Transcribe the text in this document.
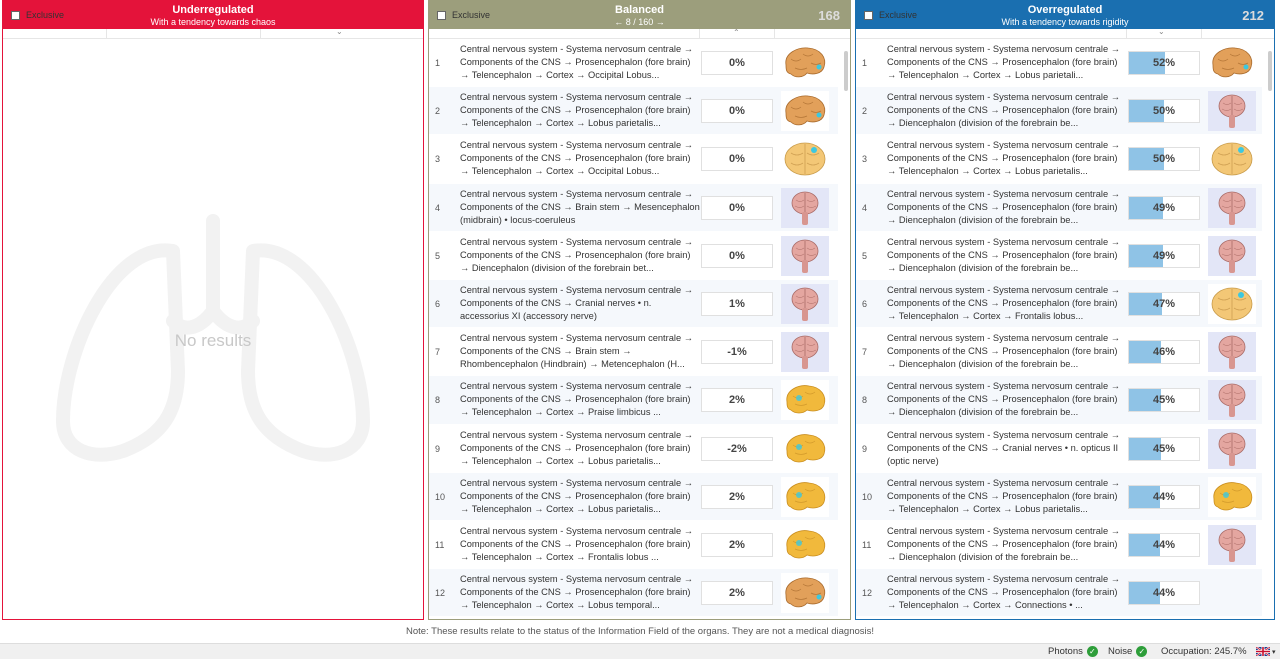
Exclusive	Underregulated
With a tendency towards chaos
⌄
No results
Exclusive	Balanced
← 8 / 160 →	168
⌃
1
Central nervous system - Systema nervosum centrale → Components of the CNS → Prosencephalon (fore brain) → Telencephalon → Cortex → Occipital Lobus...
0%
2
Central nervous system - Systema nervosum centrale → Components of the CNS → Prosencephalon (fore brain) → Telencephalon → Cortex → Lobus parietalis...
0%
3
Central nervous system - Systema nervosum centrale → Components of the CNS → Prosencephalon (fore brain) → Telencephalon → Cortex → Occipital Lobus...
0%
4
Central nervous system - Systema nervosum centrale → Components of the CNS → Brain stem → Mesencephalon (midbrain) • locus-coeruleus
0%
5
Central nervous system - Systema nervosum centrale → Components of the CNS → Prosencephalon (fore brain) → Diencephalon (division of the forebrain bet...
0%
6
Central nervous system - Systema nervosum centrale → Components of the CNS → Cranial nerves • n. accessorius XI (accessory nerve)
1%
7
Central nervous system - Systema nervosum centrale → Components of the CNS → Brain stem → Rhombencephalon (Hindbrain) → Metencephalon (H...
-1%
8
Central nervous system - Systema nervosum centrale → Components of the CNS → Prosencephalon (fore brain) → Telencephalon → Cortex → Praise limbicus ...
2%
9
Central nervous system - Systema nervosum centrale → Components of the CNS → Prosencephalon (fore brain) → Telencephalon → Cortex → Lobus parietalis...
-2%
10
Central nervous system - Systema nervosum centrale → Components of the CNS → Prosencephalon (fore brain) → Telencephalon → Cortex → Lobus parietalis...
2%
11
Central nervous system - Systema nervosum centrale → Components of the CNS → Prosencephalon (fore brain) → Telencephalon → Cortex → Frontalis lobus ...
2%
12
Central nervous system - Systema nervosum centrale → Components of the CNS → Prosencephalon (fore brain) → Telencephalon → Cortex → Lobus temporal...
2%
Exclusive	Overregulated
With a tendency towards rigidity	212
⌄
1
Central nervous system - Systema nervosum centrale → Components of the CNS → Prosencephalon (fore brain) → Telencephalon → Cortex → Lobus parietali...
52%
2
Central nervous system - Systema nervosum centrale → Components of the CNS → Prosencephalon (fore brain) → Diencephalon (division of the forebrain be...
50%
3
Central nervous system - Systema nervosum centrale → Components of the CNS → Prosencephalon (fore brain) → Telencephalon → Cortex → Lobus parietalis...
50%
4
Central nervous system - Systema nervosum centrale → Components of the CNS → Prosencephalon (fore brain) → Diencephalon (division of the forebrain be...
49%
5
Central nervous system - Systema nervosum centrale → Components of the CNS → Prosencephalon (fore brain) → Diencephalon (division of the forebrain be...
49%
6
Central nervous system - Systema nervosum centrale → Components of the CNS → Prosencephalon (fore brain) → Telencephalon → Cortex → Frontalis lobus...
47%
7
Central nervous system - Systema nervosum centrale → Components of the CNS → Prosencephalon (fore brain) → Diencephalon (division of the forebrain be...
46%
8
Central nervous system - Systema nervosum centrale → Components of the CNS → Prosencephalon (fore brain) → Diencephalon (division of the forebrain be...
45%
9
Central nervous system - Systema nervosum centrale → Components of the CNS → Cranial nerves • n. opticus II (optic nerve)
45%
10
Central nervous system - Systema nervosum centrale → Components of the CNS → Prosencephalon (fore brain) → Telencephalon → Cortex → Lobus parietalis...
44%
11
Central nervous system - Systema nervosum centrale → Components of the CNS → Prosencephalon (fore brain) → Diencephalon (division of the forebrain be...
44%
12
Central nervous system - Systema nervosum centrale → Components of the CNS → Prosencephalon (fore brain) → Telencephalon → Cortex → Connections • ...
44%
Note: These results relate to the status of the Information Field of the organs. They are not a medical diagnosis!
Photons ✓ Noise ✓ Occupation: 245.7%	▾
